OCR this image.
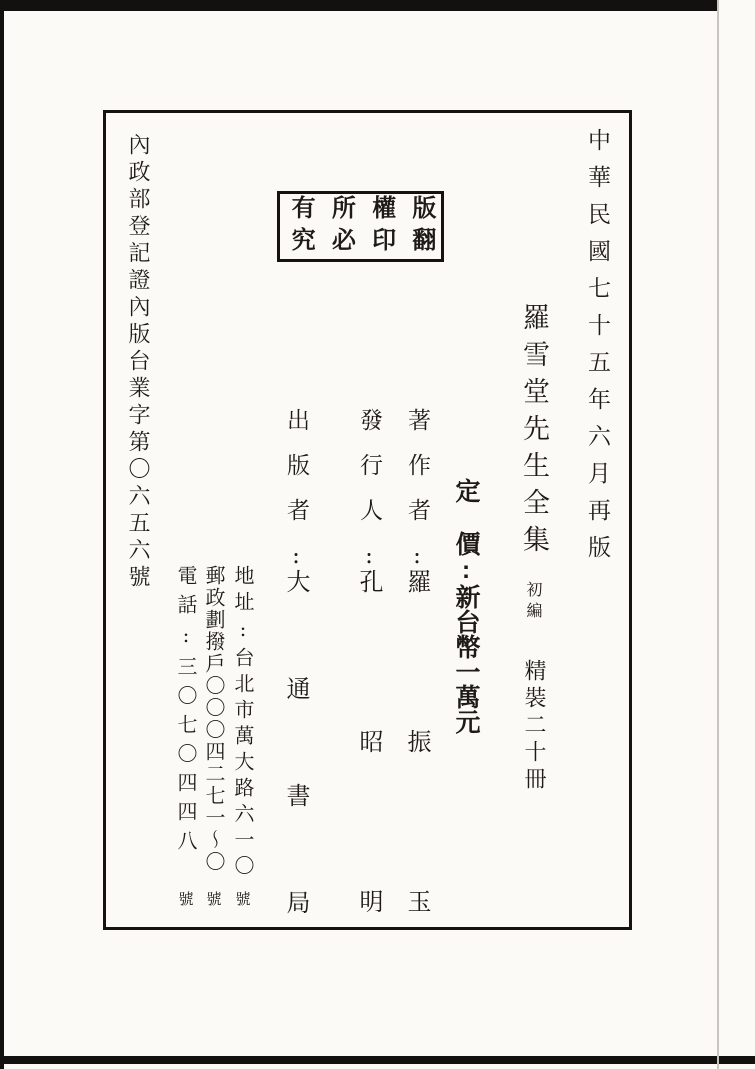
內政部登記證內版台業字第〇六五六號	版翻
權印
所必
有究	中華民國七十五年六月再版
羅雪堂先生全集 初編 精裝二十冊
定 價:新台幣一萬元
著作者:羅振玉
發行人:孔昭明
出版者:大通書局
地址:台北市萬大路六一〇
號
郵政劃撥戶〇〇〇四二七一〜〇
號
電話:三〇七〇四四八
號
